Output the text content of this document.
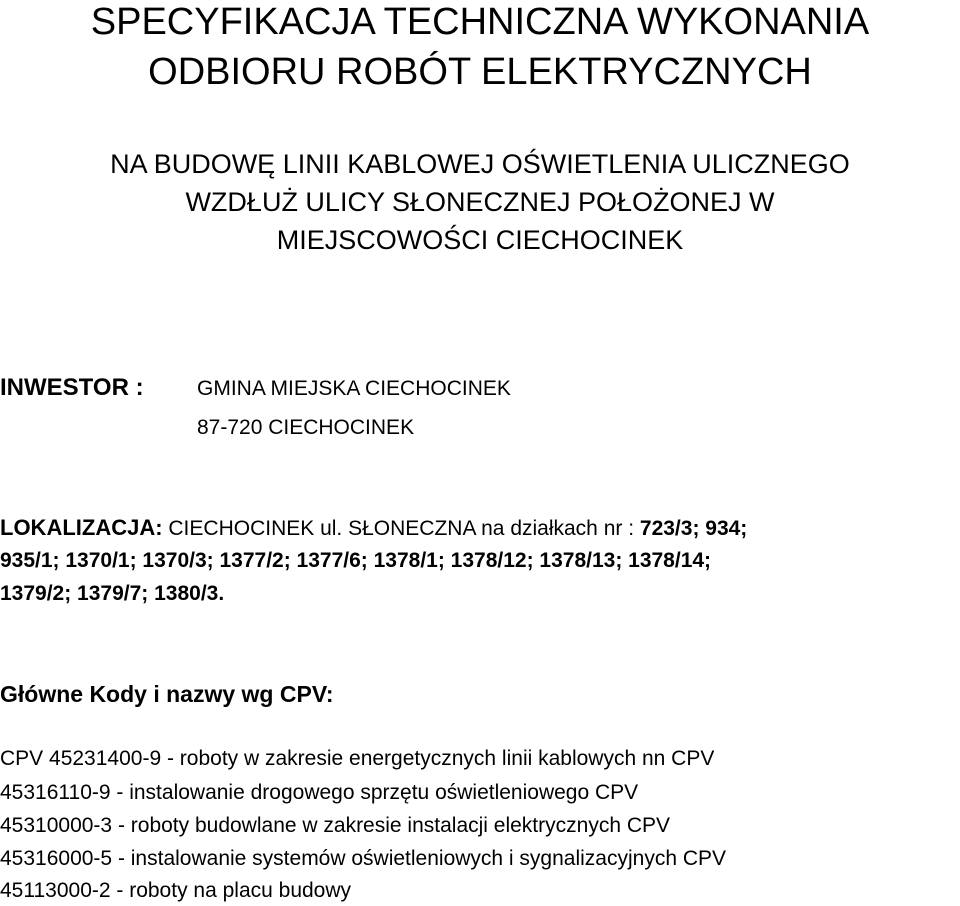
SPECYFIKACJA TECHNICZNA WYKONANIA
ODBIORU ROBÓT ELEKTRYCZNYCH
NA BUDOWĘ LINII KABLOWEJ OŚWIETLENIA ULICZNEGO
WZDŁUŻ ULICY SŁONECZNEJ POŁOŻONEJ W
MIEJSCOWOŚCI CIECHOCINEK
INWESTOR :	GMINA MIEJSKA CIECHOCINEK
87-720 CIECHOCINEK
LOKALIZACJA: CIECHOCINEK ul. SŁONECZNA na działkach nr : 723/3; 934;
935/1; 1370/1; 1370/3; 1377/2; 1377/6; 1378/1; 1378/12; 1378/13; 1378/14;
1379/2; 1379/7; 1380/3.
Główne Kody i nazwy wg CPV:
CPV 45231400-9 - roboty w zakresie energetycznych linii kablowych nn CPV
45316110-9 - instalowanie drogowego sprzętu oświetleniowego CPV
45310000-3 - roboty budowlane w zakresie instalacji elektrycznych CPV
45316000-5 - instalowanie systemów oświetleniowych i sygnalizacyjnych CPV
45113000-2 - roboty na placu budowy
